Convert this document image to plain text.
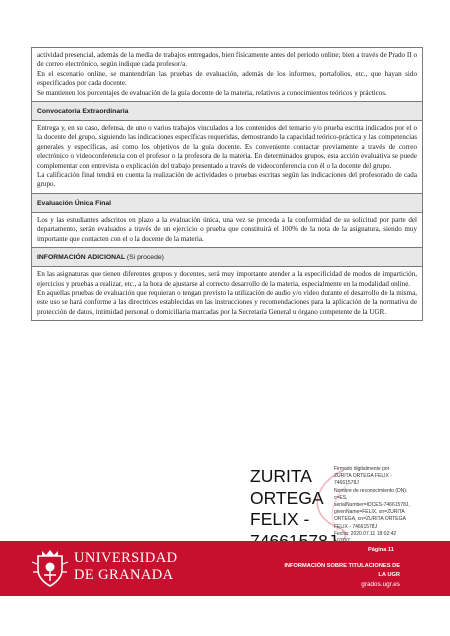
actividad presencial, además de la media de trabajos entregados, bien físicamente antes del periodo online; bien a través de Prado II o de correo electrónico, según indique cada profesor/a.

En el escenario online, se mantendrían las pruebas de evaluación, además de los informes, portafolios, etc., que hayan sido especificados por cada docente.

Se mantienen los porcentajes de evaluación de la guía docente de la materia, relativos a conocimientos teóricos y prácticos.

Convocatoria Extraordinaria

Entrega y, en su caso, defensa, de uno o varios trabajos vinculados a los contenidos del temario y/o prueba escrita indicados por el o la docente del grupo, siguiendo las indicaciones específicas requeridas, demostrando la capacidad teórico-práctica y las competencias generales y específicas, así como los objetivos de la guía docente. Es conveniente contactar previamente a través de correo electrónico o videoconferencia con el profesor o la profesora de la materia. En determinados grupos, esta acción evaluativa se puede complementar con entrevista o explicación del trabajo presentado a través de videoconferencia con él o la docente del grupo.

La calificación final tendrá en cuenta la realización de actividades o pruebas escritas según las indicaciones del profesorado de cada grupo.

Evaluación Única Final

Los y las estudiantes adscritos en plazo a la evaluación única, una vez se proceda a la conformidad de su solicitud por parte del departamento, serán evaluados a través de un ejercicio o prueba que constituirá el 100% de la nota de la asignatura, siendo muy importante que contacten con el o la docente de la materia.

INFORMACIÓN ADICIONAL (Si procede)

En las asignaturas que tienen diferentes grupos y docentes, será muy importante atender a la especificidad de modos de impartición, ejercicios y pruebas a realizar, etc., a la hora de ajustarse al correcto desarrollo de la materia, especialmente en la modalidad online.

En aquellas pruebas de evaluación que requieran o tengan previsto la utilización de audio y/o video durante el desarrollo de la misma, este uso se hará conforme a las directrices establecidas en las instrucciones y recomendaciones para la aplicación de la normativa de protección de datos, intimidad personal o domiciliaria marcadas por la Secretaría General u órgano competente de la UGR.

ZURITA
ORTEGA
FELIX -

Firmado digitalmente por
ZURITA ORTEGA FELIX -
74661578J
Nombre de reconocimiento (DN):
c=ES,
serialNumber=IDCES-74661578J,
givenName=FELIX, sn=ZURITA
ORTEGA, cn=ZURITA ORTEGA
FELIX - 74661578J
Fecha: 2020.07.11 18:02:42
UNIVERSIDAD
DE GRANADA
Página 11
INFORMACIÓN SOBRE TITULACIONES DE LA UGR
grados.ugr.es
